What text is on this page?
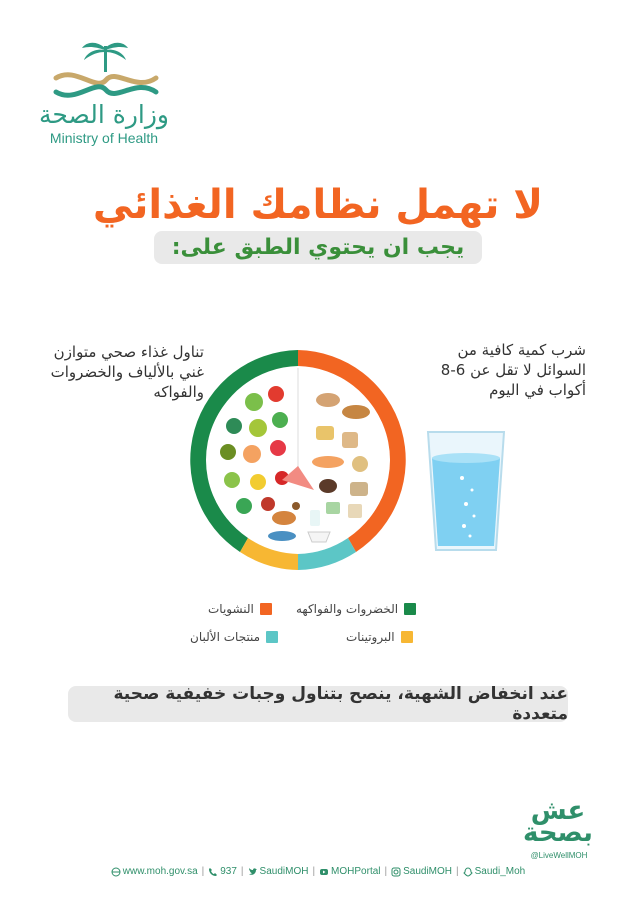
وزارة الصحة
Ministry of Health
لا تهمل نظامك الغذائي
يجب ان يحتوي الطبق على:
تناول غذاء صحي متوازن
غني بالألياف والخضروات
والفواكه
شرب كمية كافية من
السوائل لا تقل عن 6-8
أكواب في اليوم
الخضروات والفواكهه
النشويات
البروتينات
منتجات الألبان
عند انخفاض الشهية، ينصح بتناول وجبات خفيفية صحية متعددة
عش بصحة
@LiveWellMOH
www.moh.gov.sa | 937 | SaudiMOH | MOHPortal | SaudiMOH | Saudi_Moh
